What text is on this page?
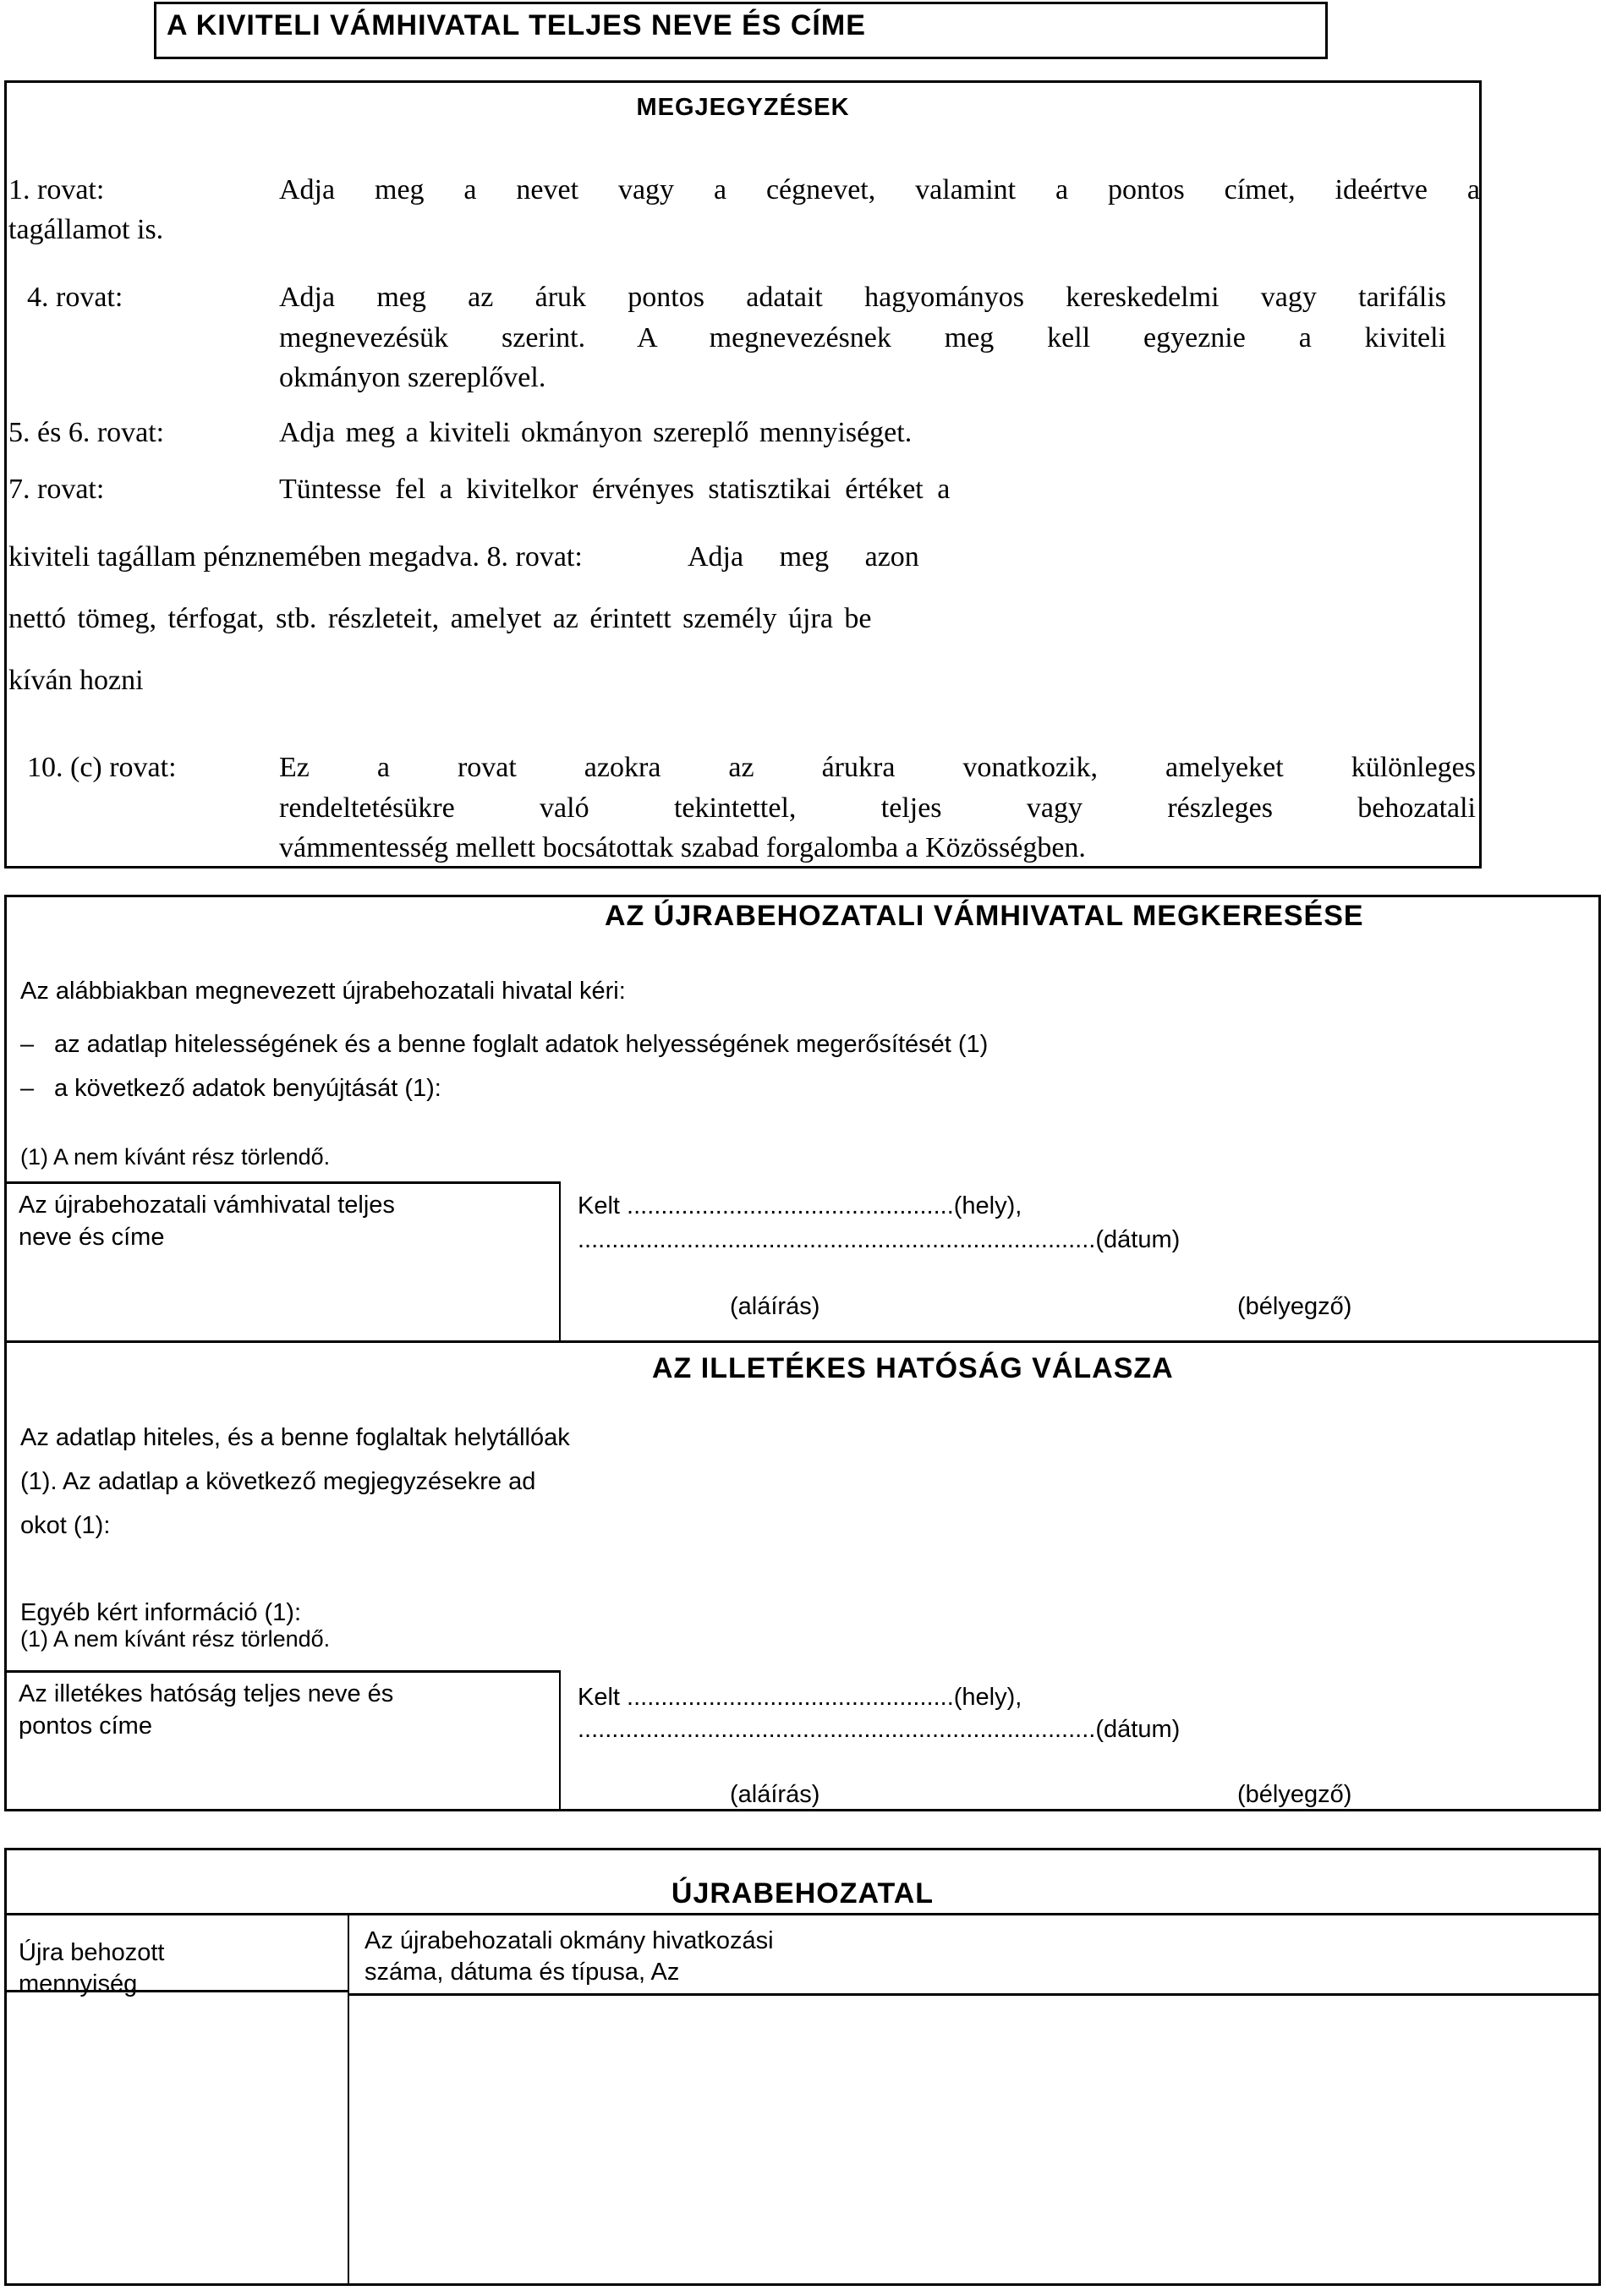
A KIVITELI VÁMHIVATAL TELJES NEVE ÉS CÍME
MEGJEGYZÉSEK
1. rovat:	Adja meg a nevet vagy a cégnevet, valamint a pontos címet, ideértve a
tagállamot is.
4. rovat:	Adja meg az áruk pontos adatait hagyományos kereskedelmi vagy tarifális
megnevezésük szerint. A megnevezésnek meg kell egyeznie a kiviteli
okmányon szereplővel.
5. és 6. rovat:	Adja meg a kiviteli okmányon szereplő mennyiséget.
7. rovat:	Tüntesse fel a kivitelkor érvényes statisztikai értéket a
kiviteli tagállam pénznemében megadva. 8. rovat:	Adja meg azon
nettó tömeg, térfogat, stb. részleteit, amelyet az érintett személy újra be
kíván hozni
10. (c) rovat:	Ez a rovat azokra az árukra vonatkozik, amelyeket különleges
rendeltetésükre való tekintettel, teljes vagy részleges behozatali
vámmentesség mellett bocsátottak szabad forgalomba a Közösségben.
AZ ÚJRABEHOZATALI VÁMHIVATAL MEGKERESÉSE
Az alábbiakban megnevezett újrabehozatali hivatal kéri:
– az adatlap hitelességének és a benne foglalt adatok helyességének megerősítését (1)
– a következő adatok benyújtását (1):
(1) A nem kívánt rész törlendő.
Az újrabehozatali vámhivatal teljes
neve és címe
Kelt ................................................(hely),
............................................................................(dátum)
(aláírás)	(bélyegző)
AZ ILLETÉKES HATÓSÁG VÁLASZA
Az adatlap hiteles, és a benne foglaltak helytállóak
(1). Az adatlap a következő megjegyzésekre ad
okot (1):
Egyéb kért információ (1):
(1) A nem kívánt rész törlendő.
Az illetékes hatóság teljes neve és
pontos címe
Kelt ................................................(hely),
............................................................................(dátum)
(aláírás)	(bélyegző)
ÚJRABEHOZATAL
Újra behozott
mennyiség
Az újrabehozatali okmány hivatkozási
száma, dátuma és típusa, Az
